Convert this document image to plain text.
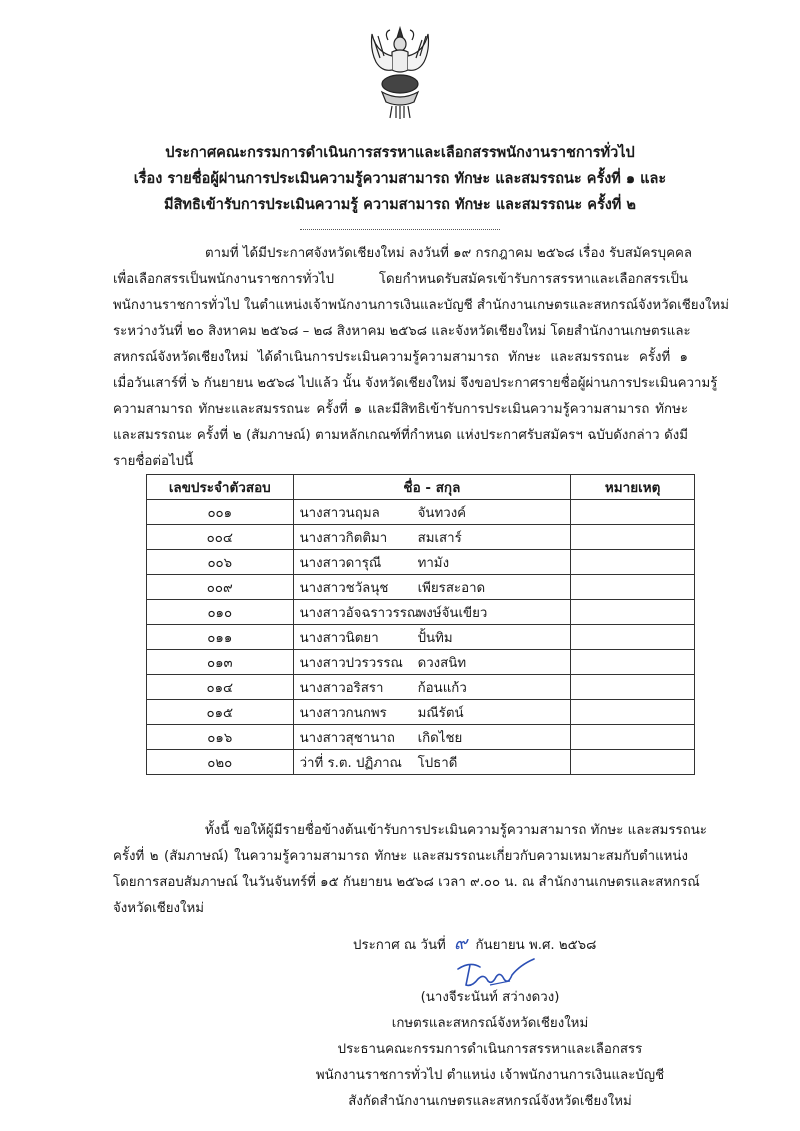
ประกาศคณะกรรมการดำเนินการสรรหาและเลือกสรรพนักงานราชการทั่วไป
เรื่อง รายชื่อผู้ผ่านการประเมินความรู้ความสามารถ ทักษะ และสมรรถนะ ครั้งที่ ๑ และ
มีสิทธิเข้ารับการประเมินความรู้ ความสามารถ ทักษะ และสมรรถนะ ครั้งที่ ๒
ตามที่ ได้มีประกาศจังหวัดเชียงใหม่ ลงวันที่ ๑๙ กรกฎาคม ๒๕๖๘ เรื่อง รับสมัครบุคคล
เพื่อเลือกสรรเป็นพนักงานราชการทั่วไป โดยกำหนดรับสมัครเข้ารับการสรรหาและเลือกสรรเป็น
พนักงานราชการทั่วไป ในตำแหน่งเจ้าพนักงานการเงินและบัญชี สำนักงานเกษตรและสหกรณ์จังหวัดเชียงใหม่
ระหว่างวันที่ ๒๐ สิงหาคม ๒๕๖๘ – ๒๘ สิงหาคม ๒๕๖๘ และจังหวัดเชียงใหม่ โดยสำนักงานเกษตรและ
สหกรณ์จังหวัดเชียงใหม่ ได้ดำเนินการประเมินความรู้ความสามารถ ทักษะ และสมรรถนะ ครั้งที่ ๑
เมื่อวันเสาร์ที่ ๖ กันยายน ๒๕๖๘ ไปแล้ว นั้น จังหวัดเชียงใหม่ จึงขอประกาศรายชื่อผู้ผ่านการประเมินความรู้
ความสามารถ ทักษะและสมรรถนะ ครั้งที่ ๑ และมีสิทธิเข้ารับการประเมินความรู้ความสามารถ ทักษะ
และสมรรถนะ ครั้งที่ ๒ (สัมภาษณ์) ตามหลักเกณฑ์ที่กำหนด แห่งประกาศรับสมัครฯ ฉบับดังกล่าว ดังมี
รายชื่อต่อไปนี้
เลขประจำตัวสอบ	ชื่อ - สกุล	หมายเหตุ
๐๐๑	นางสาวนฤมล จันทวงค์	

๐๐๔	นางสาวกิตติมา สมเสาร์	

๐๐๖	นางสาวดารุณี ทามัง	

๐๐๙	นางสาวชวัลนุช เพียรสะอาด	

๐๑๐	นางสาวอัจฉราวรรณ
พงษ์จันเขียว	

๐๑๑	นางสาวนิตยา ปั้นทิม	

๐๑๓	นางสาวปวรวรรณ ดวงสนิท	

๐๑๔	นางสาวอริสรา ก้อนแก้ว	

๐๑๕	นางสาวกนกพร มณีรัตน์	

๐๑๖	นางสาวสุชานาถ เกิดไชย	

๐๒๐	ว่าที่ ร.ต. ปฏิภาณ โปธาดี	

ทั้งนี้ ขอให้ผู้มีรายชื่อข้างต้นเข้ารับการประเมินความรู้ความสามารถ ทักษะ และสมรรถนะ
ครั้งที่ ๒ (สัมภาษณ์) ในความรู้ความสามารถ ทักษะ และสมรรถนะเกี่ยวกับความเหมาะสมกับตำแหน่ง
โดยการสอบสัมภาษณ์ ในวันจันทร์ที่ ๑๕ กันยายน ๒๕๖๘ เวลา ๙.๐๐ น. ณ สำนักงานเกษตรและสหกรณ์
จังหวัดเชียงใหม่
ประกาศ ณ วันที่ ๙ กันยายน พ.ศ. ๒๕๖๘
(นางจีระนันท์ สว่างดวง)
เกษตรและสหกรณ์จังหวัดเชียงใหม่
ประธานคณะกรรมการดำเนินการสรรหาและเลือกสรร
พนักงานราชการทั่วไป ตำแหน่ง เจ้าพนักงานการเงินและบัญชี
สังกัดสำนักงานเกษตรและสหกรณ์จังหวัดเชียงใหม่
